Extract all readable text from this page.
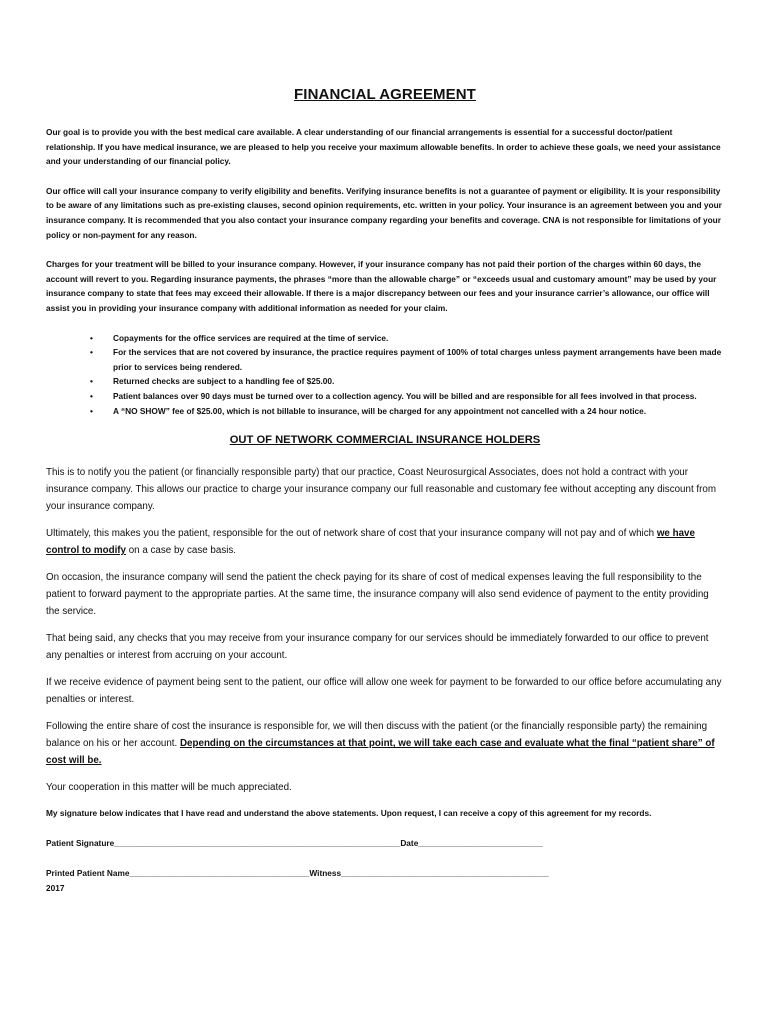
FINANCIAL AGREEMENT

Our goal is to provide you with the best medical care available. A clear understanding of our financial arrangements is essential for a successful doctor/patient relationship. If you have medical insurance, we are pleased to help you receive your maximum allowable benefits. In order to achieve these goals, we need your assistance and your understanding of our financial policy.

Our office will call your insurance company to verify eligibility and benefits. Verifying insurance benefits is not a guarantee of payment or eligibility. It is your responsibility to be aware of any limitations such as pre-existing clauses, second opinion requirements, etc. written in your policy. Your insurance is an agreement between you and your insurance company. It is recommended that you also contact your insurance company regarding your benefits and coverage. CNA is not responsible for limitations of your policy or non-payment for any reason.

Charges for your treatment will be billed to your insurance company. However, if your insurance company has not paid their portion of the charges within 60 days, the account will revert to you. Regarding insurance payments, the phrases “more than the allowable charge” or “exceeds usual and customary amount” may be used by your insurance company to state that fees may exceed their allowable. If there is a major discrepancy between our fees and your insurance carrier’s allowance, our office will assist you in providing your insurance company with additional information as needed for your claim.

• Copayments for the office services are required at the time of service.
• For the services that are not covered by insurance, the practice requires payment of 100% of total charges unless payment arrangements have been made prior to services being rendered.
• Returned checks are subject to a handling fee of $25.00.
• Patient balances over 90 days must be turned over to a collection agency. You will be billed and are responsible for all fees involved in that process.
• A “NO SHOW” fee of $25.00, which is not billable to insurance, will be charged for any appointment not cancelled with a 24 hour notice.
OUT OF NETWORK COMMERCIAL INSURANCE HOLDERS

This is to notify you the patient (or financially responsible party) that our practice, Coast Neurosurgical Associates, does not hold a contract with your insurance company. This allows our practice to charge your insurance company our full reasonable and customary fee without accepting any discount from your insurance company.

Ultimately, this makes you the patient, responsible for the out of network share of cost that your insurance company will not pay and of which we have control to modify on a case by case basis.

On occasion, the insurance company will send the patient the check paying for its share of cost of medical expenses leaving the full responsibility to the patient to forward payment to the appropriate parties. At the same time, the insurance company will also send evidence of payment to the entity providing the service.

That being said, any checks that you may receive from your insurance company for our services should be immediately forwarded to our office to prevent any penalties or interest from accruing on your account.

If we receive evidence of payment being sent to the patient, our office will allow one week for payment to be forwarded to our office before accumulating any penalties or interest.

Following the entire share of cost the insurance is responsible for, we will then discuss with the patient (or the financially responsible party) the remaining balance on his or her account. Depending on the circumstances at that point, we will take each case and evaluate what the final “patient share” of cost will be.

Your cooperation in this matter will be much appreciated.

My signature below indicates that I have read and understand the above statements. Upon request, I can receive a copy of this agreement for my records.

Patient Signature______________________________________________________________Date___________________________

Printed Patient Name_______________________________________Witness_____________________________________________

2017
